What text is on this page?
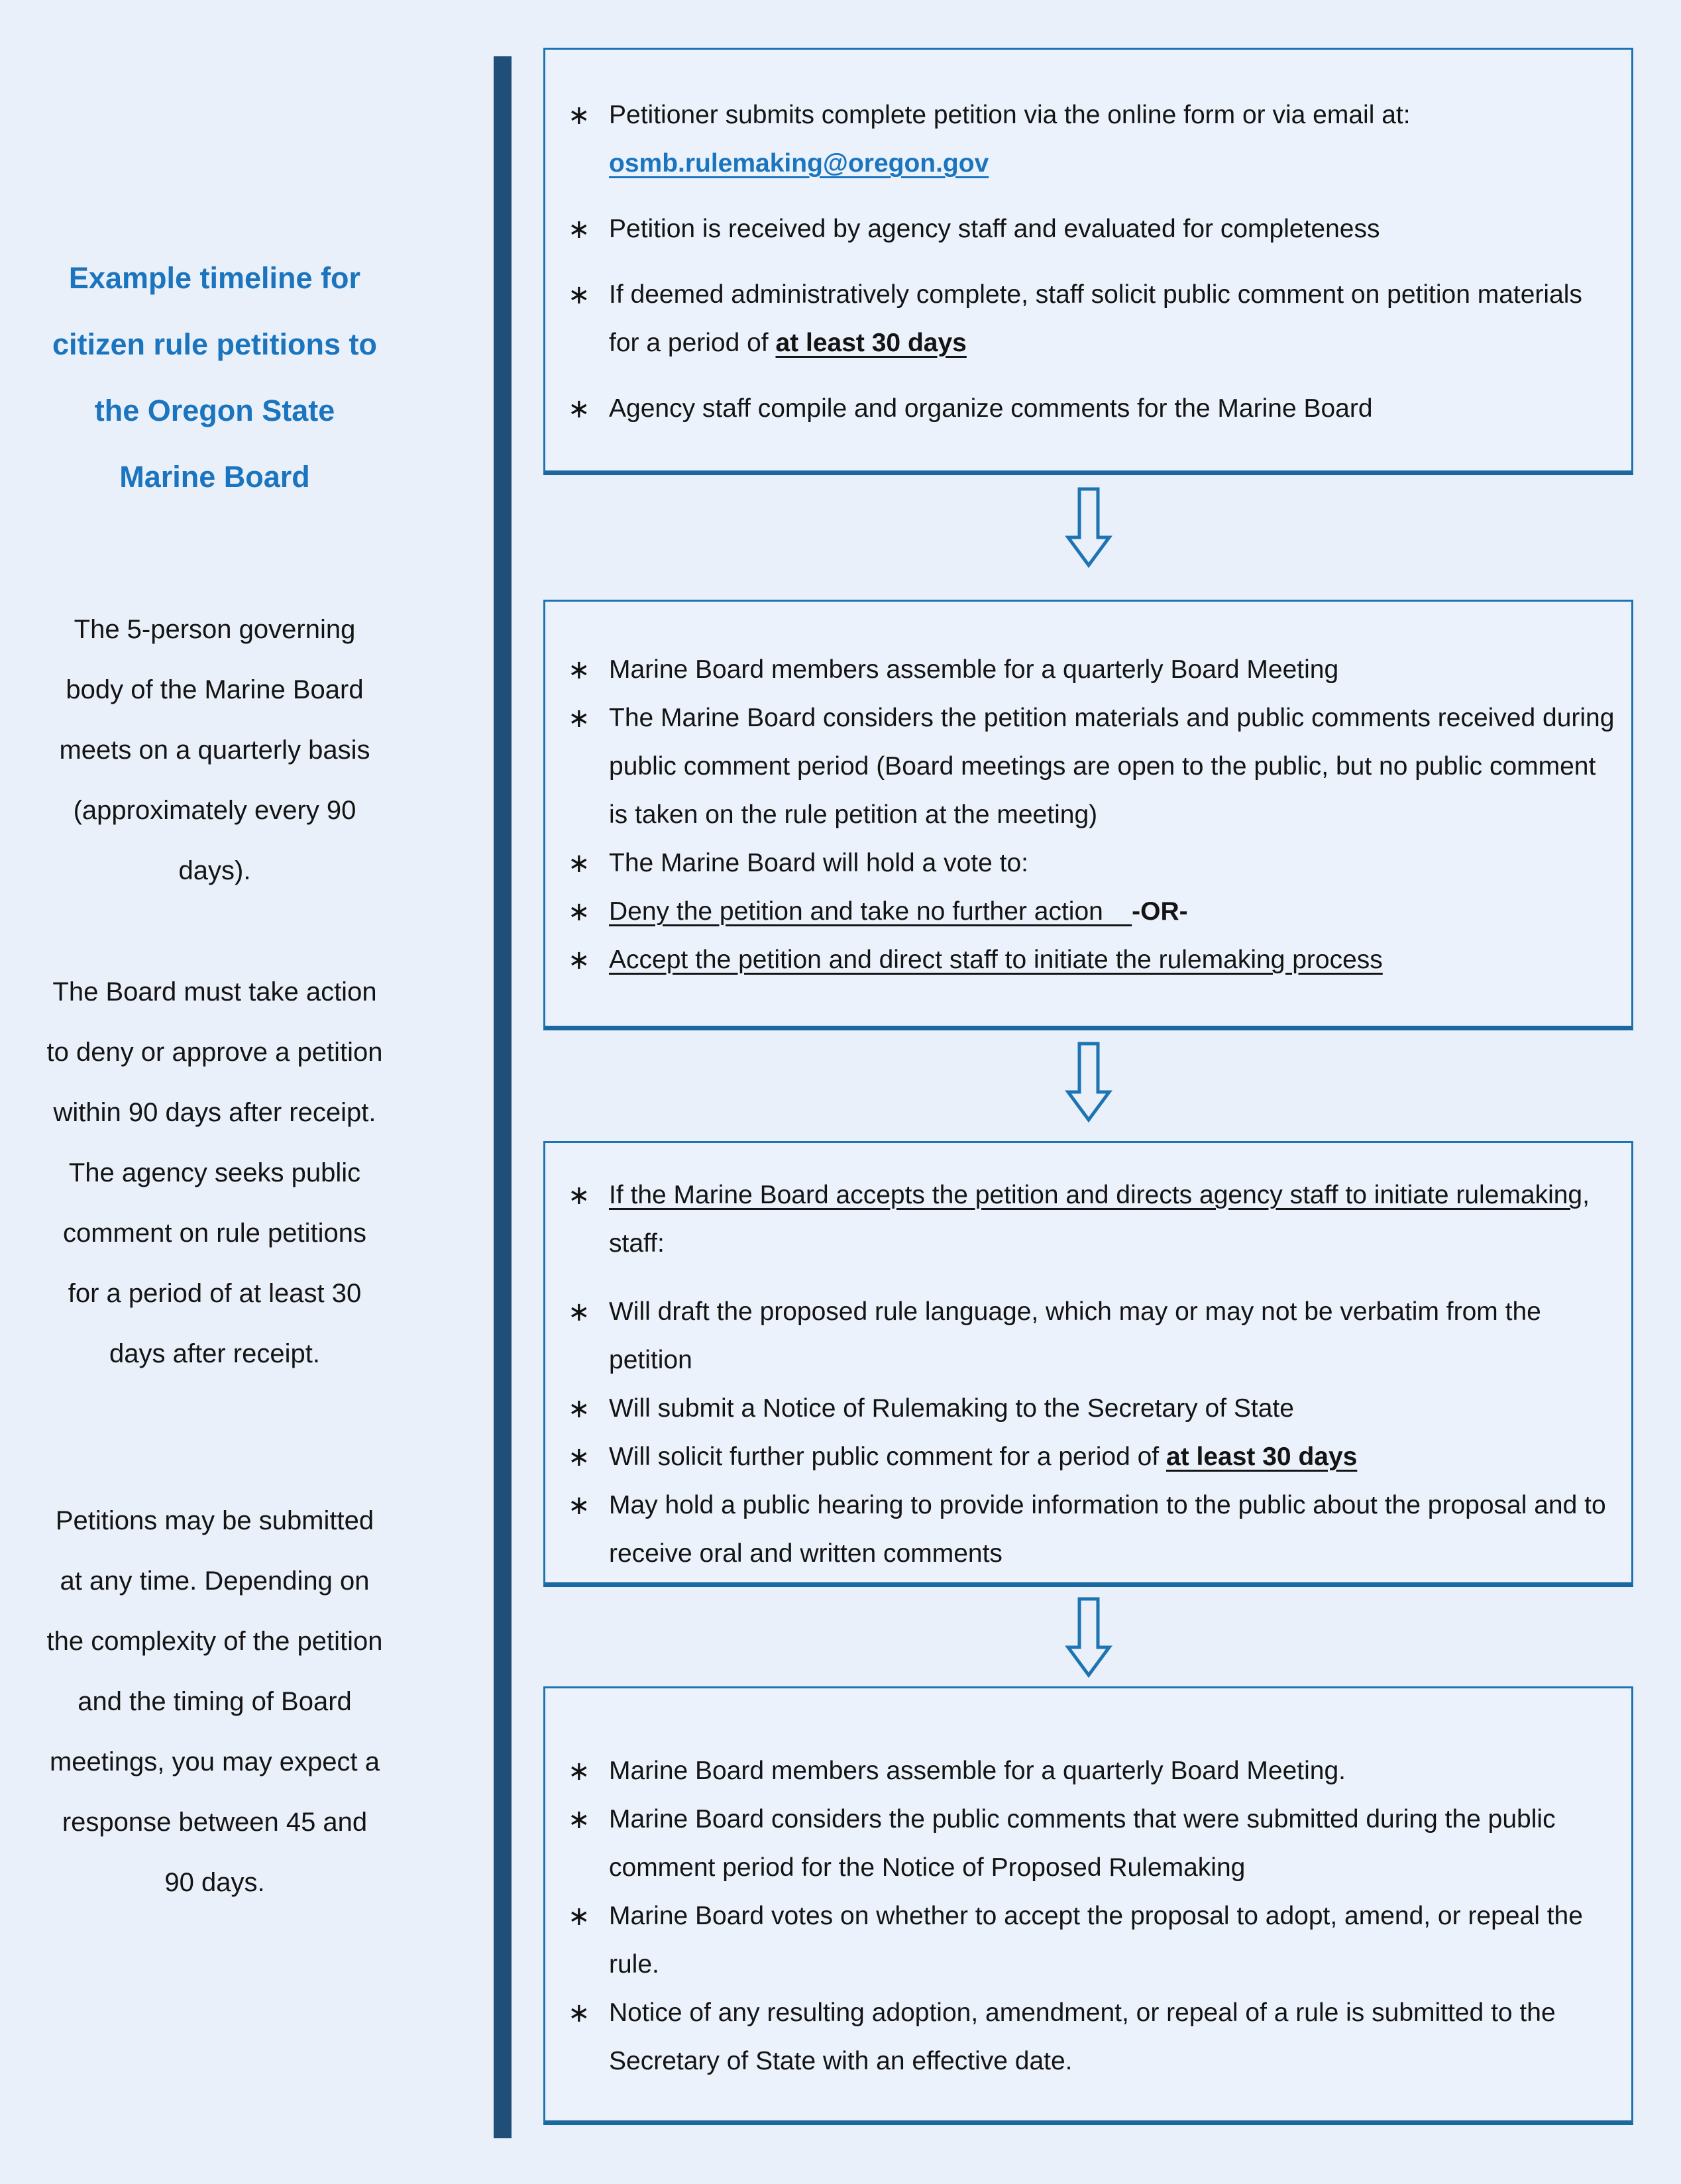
Example timeline for citizen rule petitions to the Oregon State Marine Board

The 5-person governing body of the Marine Board meets on a quarterly basis (approximately every 90 days).

The Board must take action to deny or approve a petition within 90 days after receipt. The agency seeks public comment on rule petitions for a period of at least 30 days after receipt.

Petitions may be submitted at any time. Depending on the complexity of the petition and the timing of Board meetings, you may expect a response between 45 and 90 days.

∗ Petitioner submits complete petition via the online form or via email at:
osmb.rulemaking@oregon.gov
∗ Petition is received by agency staff and evaluated for completeness
∗ If deemed administratively complete, staff solicit public comment on petition materials for a period of at least 30 days
∗ Agency staff compile and organize comments for the Marine Board
∗ Marine Board members assemble for a quarterly Board Meeting
∗ The Marine Board considers the petition materials and public comments received during public comment period (Board meetings are open to the public, but no public comment is taken on the rule petition at the meeting)
∗ The Marine Board will hold a vote to:
∗ Deny the petition and take no further action    -OR-
∗ Accept the petition and direct staff to initiate the rulemaking process
∗ If the Marine Board accepts the petition and directs agency staff to initiate rulemaking, staff:
∗ Will draft the proposed rule language, which may or may not be verbatim from the petition
∗ Will submit a Notice of Rulemaking to the Secretary of State
∗ Will solicit further public comment for a period of at least 30 days
∗ May hold a public hearing to provide information to the public about the proposal and to receive oral and written comments
∗ Marine Board members assemble for a quarterly Board Meeting.
∗ Marine Board considers the public comments that were submitted during the public comment period for the Notice of Proposed Rulemaking
∗ Marine Board votes on whether to accept the proposal to adopt, amend, or repeal the rule.
∗ Notice of any resulting adoption, amendment, or repeal of a rule is submitted to the Secretary of State with an effective date.
